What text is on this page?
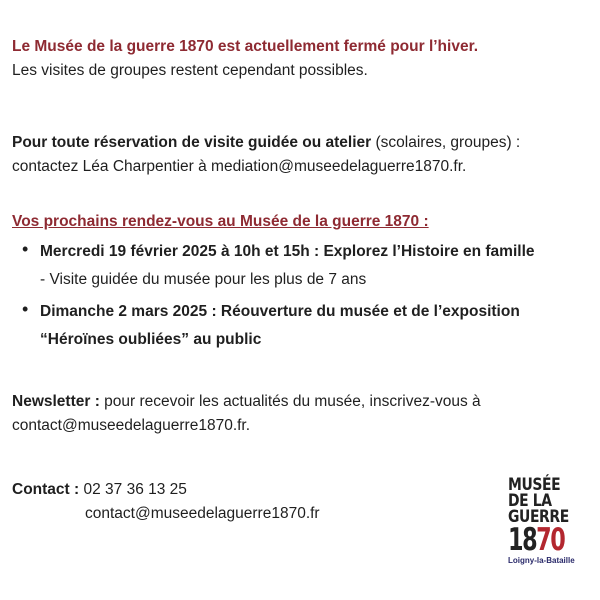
Le Musée de la guerre 1870 est actuellement fermé pour l’hiver.
Les visites de groupes restent cependant possibles.

Pour toute réservation de visite guidée ou atelier (scolaires, groupes) :
contactez Léa Charpentier à mediation@museedelaguerre1870.fr.

Vos prochains rendez-vous au Musée de la guerre 1870 :

• Mercredi 19 février 2025 à 10h et 15h : Explorez l’Histoire en famille
- Visite guidée du musée pour les plus de 7 ans
• Dimanche 2 mars 2025 : Réouverture du musée et de l’exposition
“Héroïnes oubliées” au public

Newsletter : pour recevoir les actualités du musée, inscrivez-vous à
contact@museedelaguerre1870.fr.

Contact : 02 37 36 13 25
contact@museedelaguerre1870.fr

MUSÉE
DE LA
GUERRE
1870
Loigny-la-Bataille
